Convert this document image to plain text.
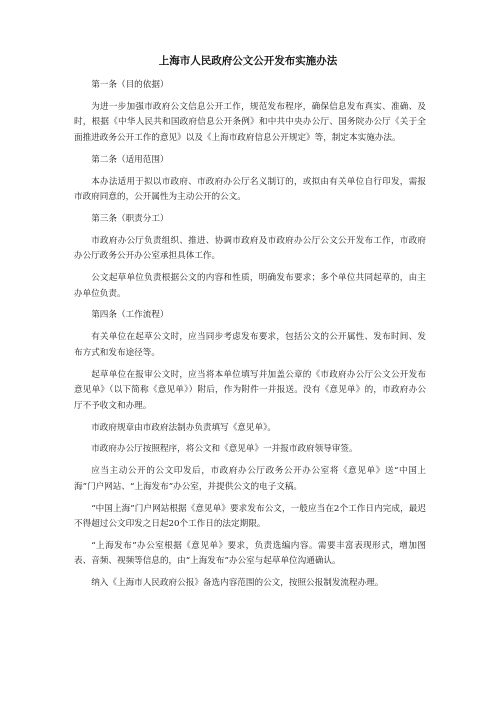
上海市人民政府公文公开发布实施办法

第一条（目的依据）

为进一步加强市政府公文信息公开工作，规范发布程序，确保信息发布真实、准确、及时，根据《中华人民共和国政府信息公开条例》和中共中央办公厅、国务院办公厅《关于全面推进政务公开工作的意见》以及《上海市政府信息公开规定》等，制定本实施办法。

第二条（适用范围）

本办法适用于拟以市政府、市政府办公厅名义制订的，或拟由有关单位自行印发，需报市政府同意的，公开属性为主动公开的公文。

第三条（职责分工）

市政府办公厅负责组织、推进、协调市政府及市政府办公厅公文公开发布工作，市政府办公厅政务公开办公室承担具体工作。

公文起草单位负责根据公文的内容和性质，明确发布要求；多个单位共同起草的，由主办单位负责。

第四条（工作流程）

有关单位在起草公文时，应当同步考虑发布要求，包括公文的公开属性、发布时间、发布方式和发布途径等。

起草单位在报审公文时，应当将本单位填写并加盖公章的《市政府办公厅公文公开发布意见单》（以下简称《意见单》）附后，作为附件一并报送。没有《意见单》的，市政府办公厅不予收文和办理。

市政府规章由市政府法制办负责填写《意见单》。

市政府办公厅按照程序，将公文和《意见单》一并报市政府领导审签。

应当主动公开的公文印发后，市政府办公厅政务公开办公室将《意见单》送“中国上海”门户网站、“上海发布”办公室，并提供公文的电子文稿。

“中国上海”门户网站根据《意见单》要求发布公文，一般应当在2个工作日内完成，最迟不得超过公文印发之日起20个工作日的法定期限。

“上海发布”办公室根据《意见单》要求，负责选编内容。需要丰富表现形式，增加图表、音频、视频等信息的，由“上海发布”办公室与起草单位沟通确认。

纳入《上海市人民政府公报》备选内容范围的公文，按照公报制发流程办理。
